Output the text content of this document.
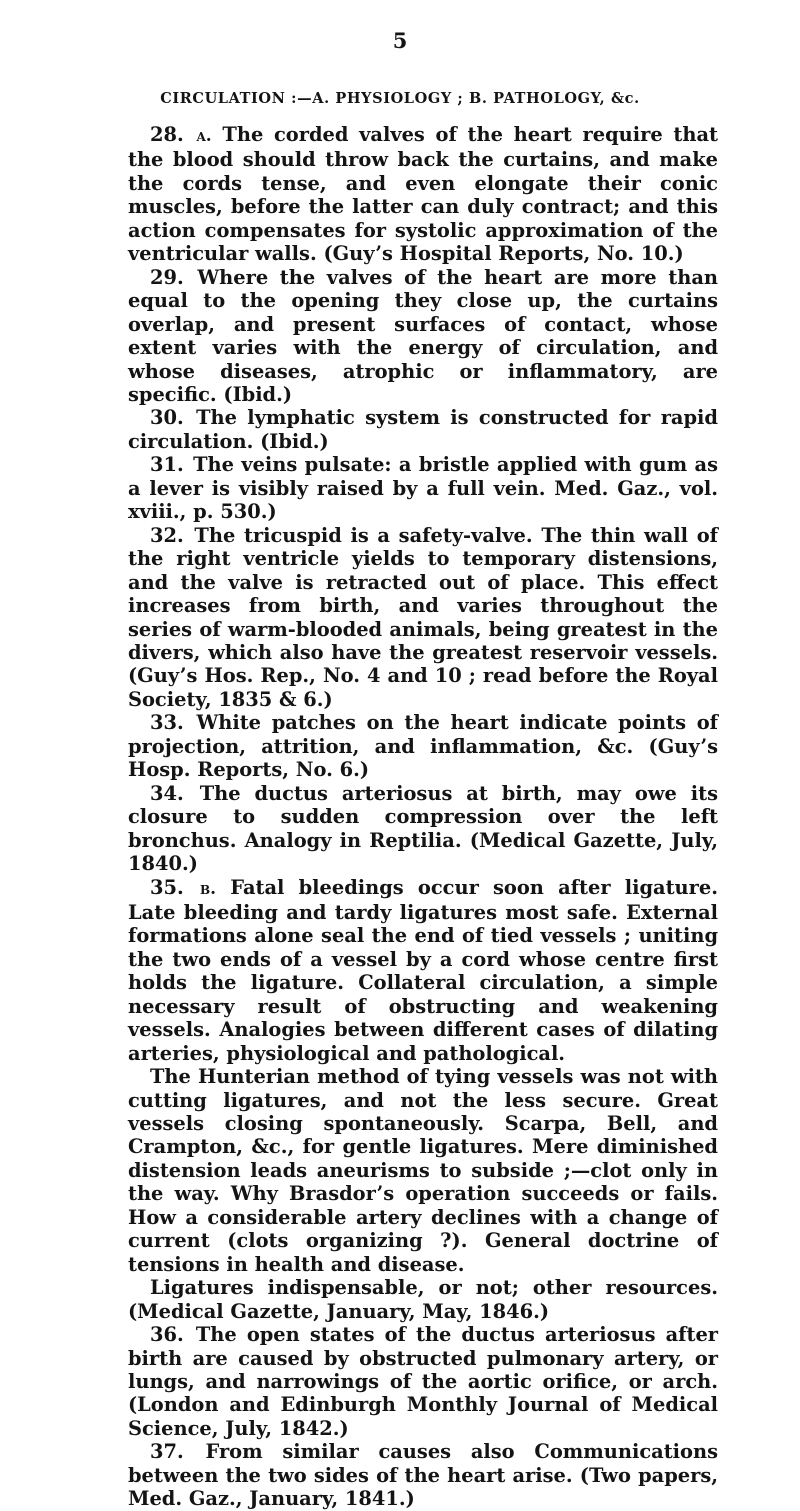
5
CIRCULATION :—A. PHYSIOLOGY ; B. PATHOLOGY, &c.

28. a. The corded valves of the heart require that the blood should throw back the curtains, and make the cords tense, and even elongate their conic muscles, before the latter can duly contract; and this action compensates for systolic approximation of the ventricular walls. (Guy’s Hospital Reports, No. 10.)

29. Where the valves of the heart are more than equal to the opening they close up, the curtains overlap, and present surfaces of contact, whose extent varies with the energy of circulation, and whose diseases, atrophic or inflammatory, are specific. (Ibid.)

30. The lymphatic system is constructed for rapid circulation. (Ibid.)

31. The veins pulsate: a bristle applied with gum as a lever is visibly raised by a full vein. Med. Gaz., vol. xviii., p. 530.)

32. The tricuspid is a safety-valve. The thin wall of the right ventricle yields to temporary distensions, and the valve is retracted out of place. This effect increases from birth, and varies throughout the series of warm-blooded animals, being greatest in the divers, which also have the greatest reservoir vessels. (Guy’s Hos. Rep., No. 4 and 10 ; read before the Royal Society, 1835 & 6.)

33. White patches on the heart indicate points of projection, attrition, and inflammation, &c. (Guy’s Hosp. Reports, No. 6.)

34. The ductus arteriosus at birth, may owe its closure to sudden compression over the left bronchus. Analogy in Reptilia. (Medical Gazette, July, 1840.)

35. b. Fatal bleedings occur soon after ligature. Late bleeding and tardy ligatures most safe. External formations alone seal the end of tied vessels ; uniting the two ends of a vessel by a cord whose centre first holds the ligature. Collateral circulation, a simple necessary result of obstructing and weakening vessels. Analogies between different cases of dilating arteries, physiological and pathological.

The Hunterian method of tying vessels was not with cutting ligatures, and not the less secure. Great vessels closing spontaneously. Scarpa, Bell, and Crampton, &c., for gentle ligatures. Mere diminished distension leads aneurisms to subside ;—clot only in the way. Why Brasdor’s operation succeeds or fails. How a considerable artery declines with a change of current (clots organizing ?). General doctrine of tensions in health and disease.

Ligatures indispensable, or not; other resources. (Medical Gazette, January, May, 1846.)

36. The open states of the ductus arteriosus after birth are caused by obstructed pulmonary artery, or lungs, and narrowings of the aortic orifice, or arch. (London and Edinburgh Monthly Journal of Medical Science, July, 1842.)

37. From similar causes also Communications between the two sides of the heart arise. (Two papers, Med. Gaz., January, 1841.)
